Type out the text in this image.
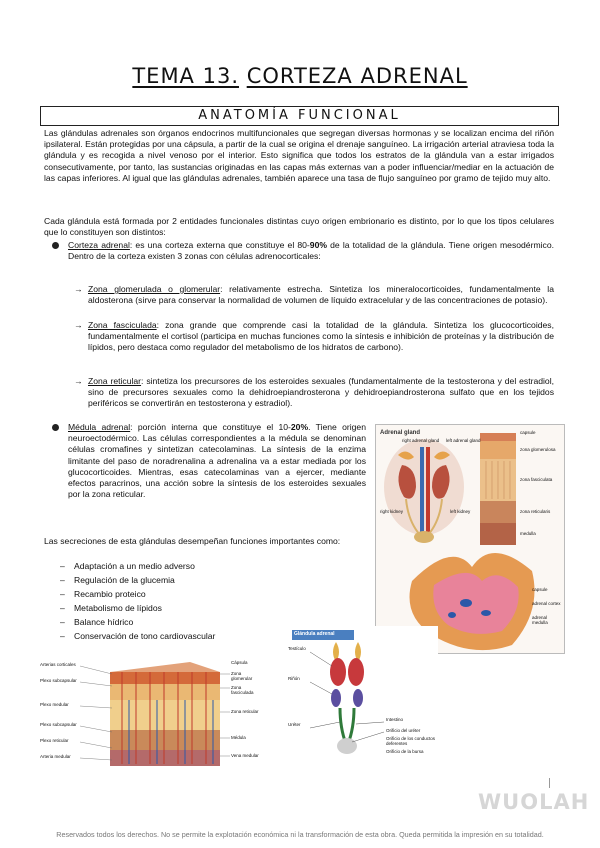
TEMA 13. CORTEZA ADRENAL
ANATOMÍA FUNCIONAL

Las glándulas adrenales son órganos endocrinos multifuncionales que segregan diversas hormonas y se localizan encima del riñón ipsilateral. Están protegidas por una cápsula, a partir de la cual se origina el drenaje sanguíneo. La irrigación arterial atraviesa toda la glándula y es recogida a nivel venoso por el interior. Esto significa que todos los estratos de la glándula van a estar irrigados consecutivamente, por tanto, las sustancias originadas en las capas más externas van a poder influenciar/mediar en la actuación de las capas inferiores. Al igual que las glándulas adrenales, también aparece una tasa de flujo sanguíneo por gramo de tejido muy alto.

Cada glándula está formada por 2 entidades funcionales distintas cuyo origen embrionario es distinto, por lo que los tipos celulares que lo constituyen son distintos:

Corteza adrenal: es una corteza externa que constituye el 80-90% de la totalidad de la glándula. Tiene origen mesodérmico. Dentro de la corteza existen 3 zonas con células adrenocorticales:
→ Zona glomerulada o glomerular: relativamente estrecha. Sintetiza los mineralocorticoides, fundamentalmente la aldosterona (sirve para conservar la normalidad de volumen de líquido extracelular y de las concentraciones de potasio).
→ Zona fasciculada: zona grande que comprende casi la totalidad de la glándula. Sintetiza los glucocorticoides, fundamentalmente el cortisol (participa en muchas funciones como la síntesis e inhibición de proteínas y la distribución de lípidos, pero destaca como regulador del metabolismo de los hidratos de carbono).
→ Zona reticular: sintetiza los precursores de los esteroides sexuales (fundamentalmente de la testosterona y del estradiol, sino de precursores sexuales como la dehidroepiandrosterona y dehidroepiandrosterona sulfato que en los tejidos periféricos se convertirán en testosterona y estradiol).
Médula adrenal: porción interna que constituye el 10-20%. Tiene origen neuroectodérmico. Las células correspondientes a la médula se denominan células cromafines y sintetizan catecolaminas. La síntesis de la enzima limitante del paso de noradrenalina a adrenalina va a estar mediada por los glucocorticoides. Mientras, esas catecolaminas van a ejercer, mediante efectos paracrinos, una acción sobre la síntesis de los esteroides sexuales por la zona reticular.

Las secreciones de esta glándulas desempeñan funciones importantes como:

– Adaptación a un medio adverso
– Regulación de la glucemia
– Recambio proteico
– Metabolismo de lípidos
– Balance hídrico
– Conservación de tono cardiovascular
Adrenal gland
right adrenal gland left adrenal gland
right kidney	left kidney
capsule
zona glomerulosa
zona fasciculata
zona reticularis
medulla
capsule
adrenal cortex
adrenal medulla
Glándula adrenal
Testículo
Riñón
Uréter
Intestino
Orificio del uréter
Orificio de los conductos deferentes
Orificio de la bursa
Arterias corticales
Plexo subcapsular
Plexo medular
Plexo subcapsular
Plexo reticular
Arteria medular
Cápsula
Zona glomerular
Zona fasciculada
Zona reticular
Médula
Vena medular
WUOLAH
Reservados todos los derechos. No se permite la explotación económica ni la transformación de esta obra. Queda permitida la impresión en su totalidad.
